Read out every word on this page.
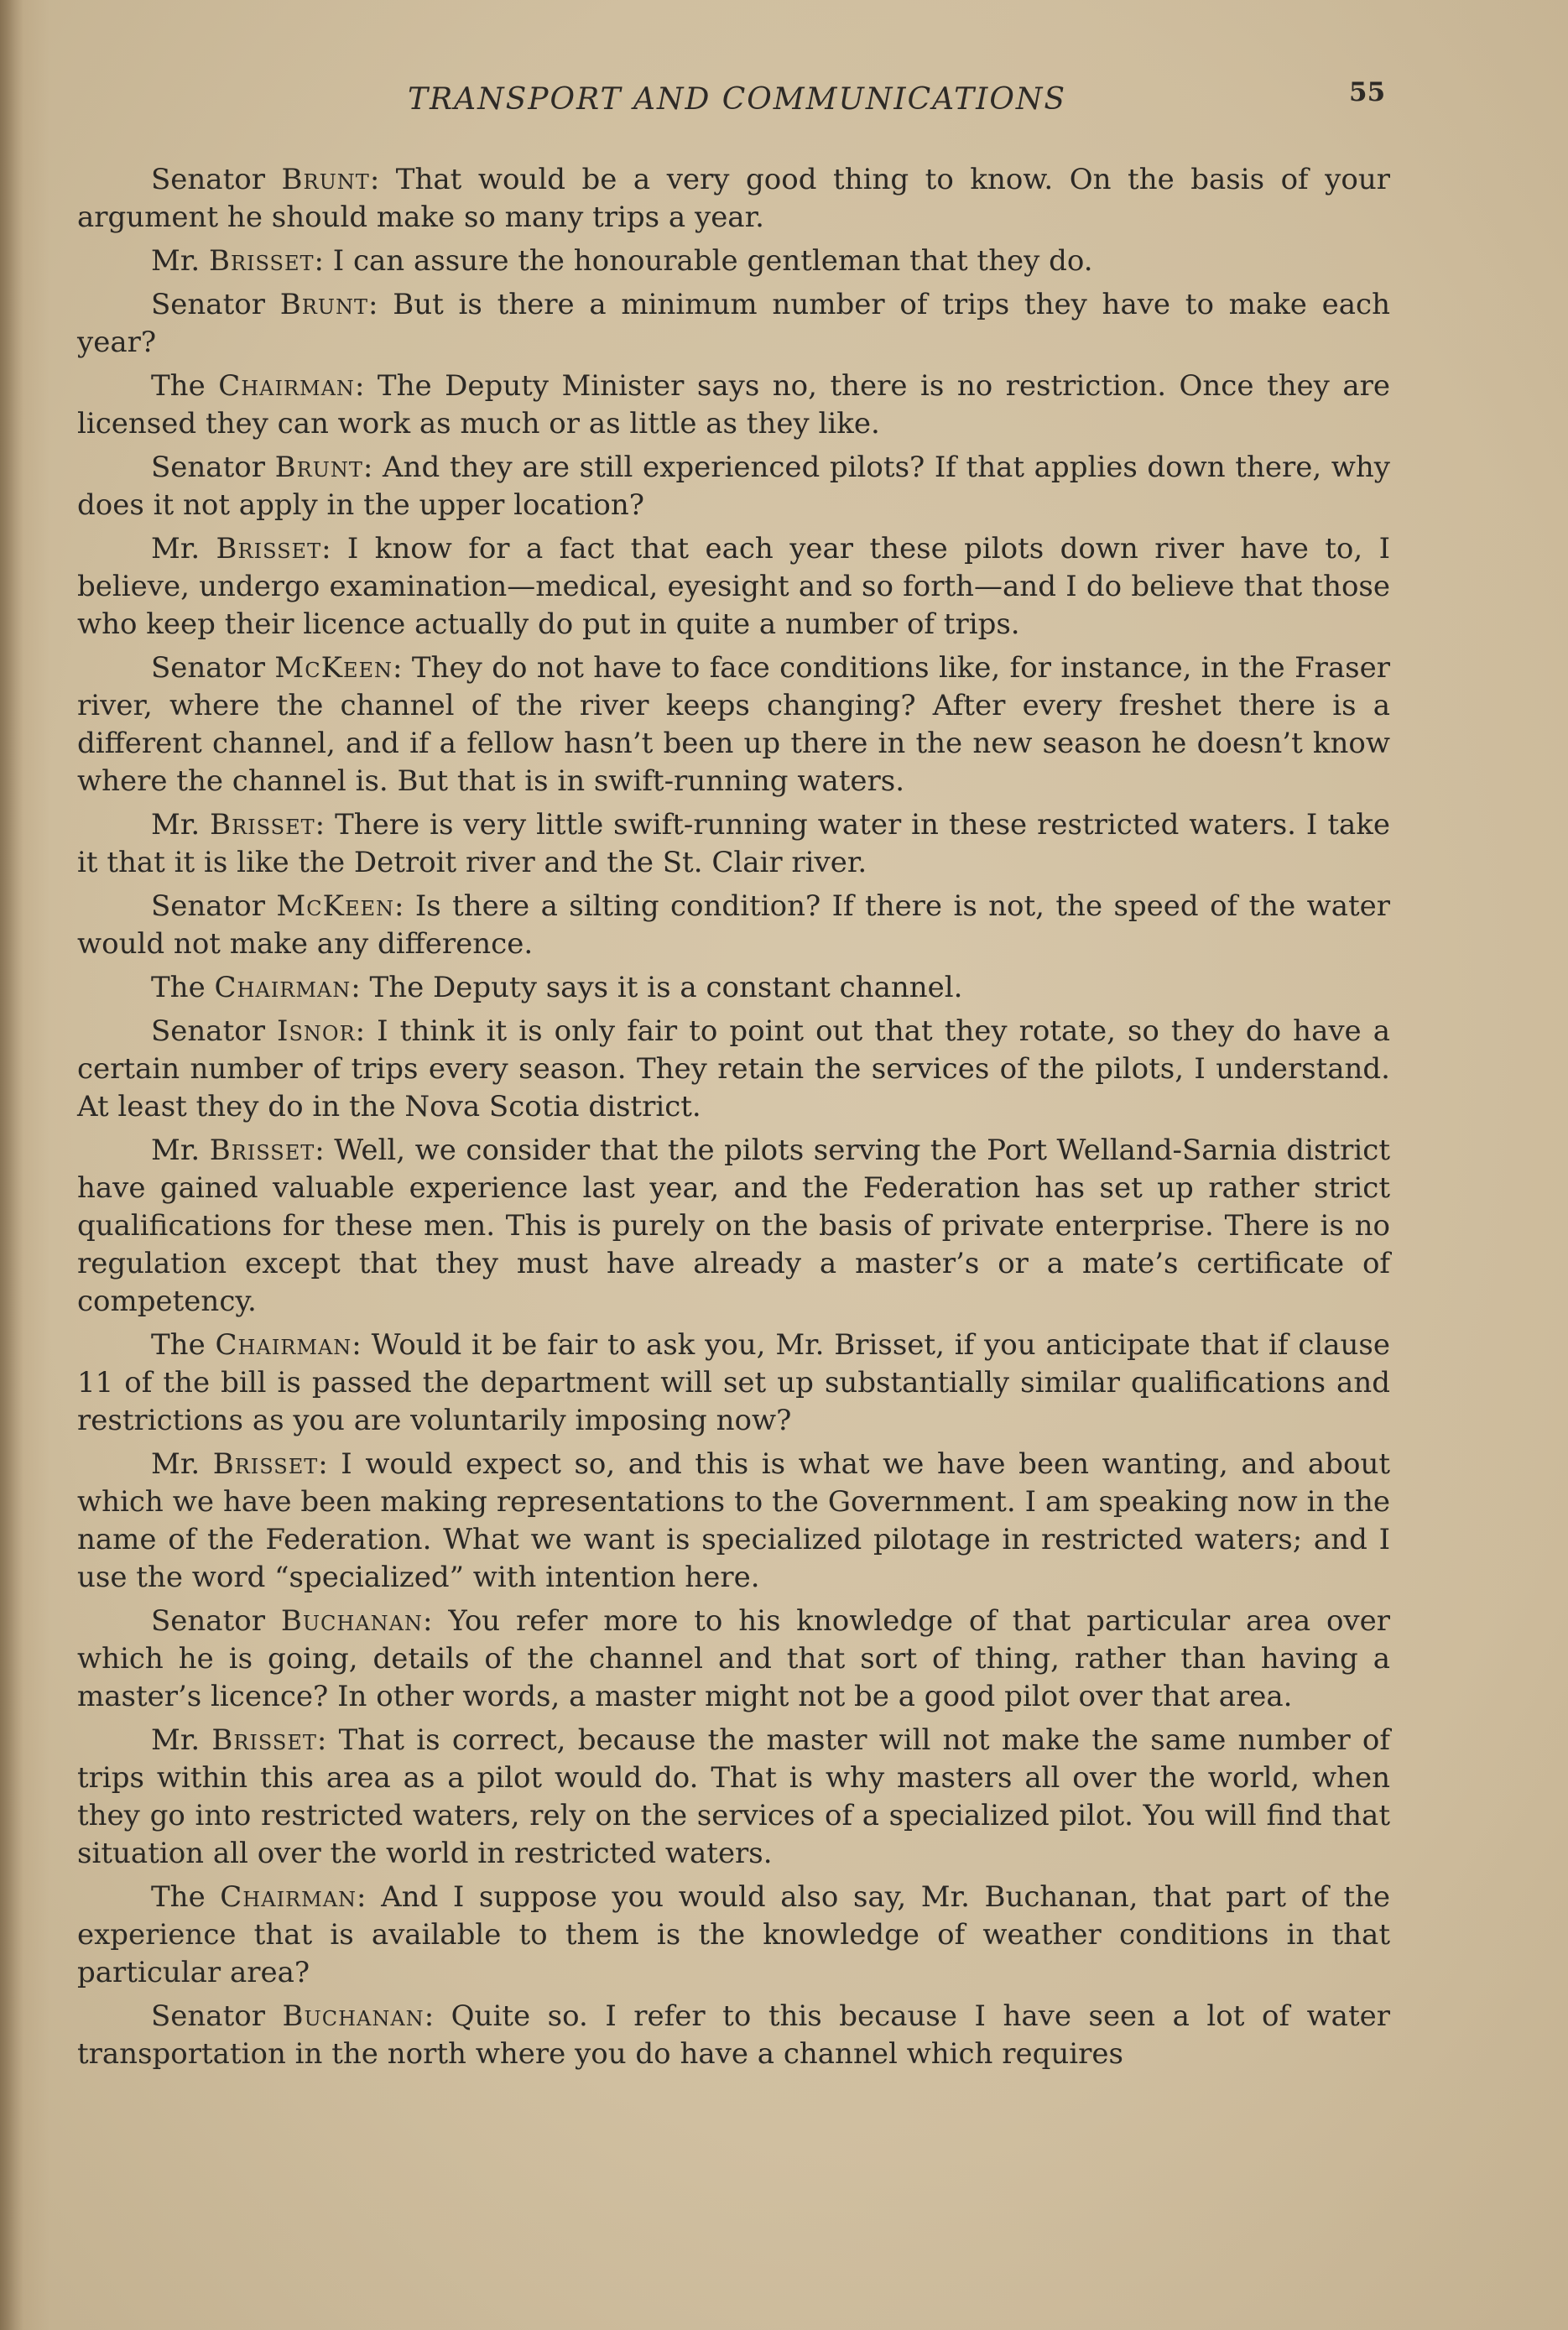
TRANSPORT AND COMMUNICATIONS	55

Senator Brunt: That would be a very good thing to know. On the basis of your argument he should make so many trips a year.

Mr. Brisset: I can assure the honourable gentleman that they do.

Senator Brunt: But is there a minimum number of trips they have to make each year?

The Chairman: The Deputy Minister says no, there is no restriction. Once they are licensed they can work as much or as little as they like.

Senator Brunt: And they are still experienced pilots? If that applies down there, why does it not apply in the upper location?

Mr. Brisset: I know for a fact that each year these pilots down river have to, I believe, undergo examination—medical, eyesight and so forth—and I do believe that those who keep their licence actually do put in quite a number of trips.

Senator McKeen: They do not have to face conditions like, for instance, in the Fraser river, where the channel of the river keeps changing? After every freshet there is a different channel, and if a fellow hasn’t been up there in the new season he doesn’t know where the channel is. But that is in swift-running waters.

Mr. Brisset: There is very little swift-running water in these restricted waters. I take it that it is like the Detroit river and the St. Clair river.

Senator McKeen: Is there a silting condition? If there is not, the speed of the water would not make any difference.

The Chairman: The Deputy says it is a constant channel.

Senator Isnor: I think it is only fair to point out that they rotate, so they do have a certain number of trips every season. They retain the services of the pilots, I understand. At least they do in the Nova Scotia district.

Mr. Brisset: Well, we consider that the pilots serving the Port Welland-Sarnia district have gained valuable experience last year, and the Federation has set up rather strict qualifications for these men. This is purely on the basis of private enterprise. There is no regulation except that they must have already a master’s or a mate’s certificate of competency.

The Chairman: Would it be fair to ask you, Mr. Brisset, if you anticipate that if clause 11 of the bill is passed the department will set up substantially similar qualifications and restrictions as you are voluntarily imposing now?

Mr. Brisset: I would expect so, and this is what we have been wanting, and about which we have been making representations to the Government. I am speaking now in the name of the Federation. What we want is specialized pilotage in restricted waters; and I use the word “specialized” with intention here.

Senator Buchanan: You refer more to his knowledge of that particular area over which he is going, details of the channel and that sort of thing, rather than having a master’s licence? In other words, a master might not be a good pilot over that area.

Mr. Brisset: That is correct, because the master will not make the same number of trips within this area as a pilot would do. That is why masters all over the world, when they go into restricted waters, rely on the services of a specialized pilot. You will find that situation all over the world in restricted waters.

The Chairman: And I suppose you would also say, Mr. Buchanan, that part of the experience that is available to them is the knowledge of weather conditions in that particular area?

Senator Buchanan: Quite so. I refer to this because I have seen a lot of water transportation in the north where you do have a channel which requires
